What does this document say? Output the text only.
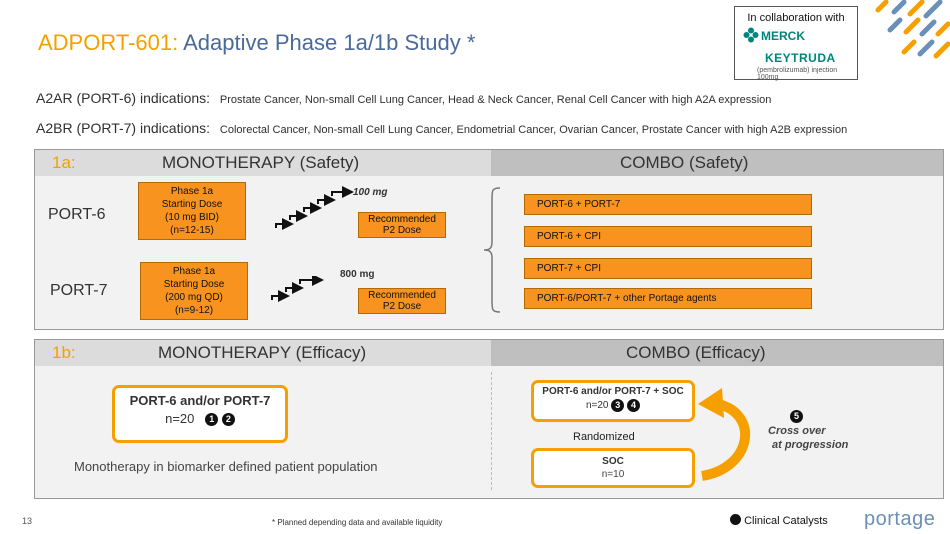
ADPORT-601: Adaptive Phase 1a/1b Study *
In collaboration with
MERCK
KEYTRUDA
(pembrolizumab) injection 100mg
A2AR (PORT-6) indications: Prostate Cancer, Non-small Cell Lung Cancer, Head & Neck Cancer, Renal Cell Cancer with high A2A expression
A2BR (PORT-7) indications: Colorectal Cancer, Non-small Cell Lung Cancer, Endometrial Cancer, Ovarian Cancer, Prostate Cancer with high A2B expression
1a:	MONOTHERAPY (Safety)	COMBO (Safety)
PORT-6
PORT-7
Phase 1a
Starting Dose
(10 mg BID)
(n=12-15)
Phase 1a
Starting Dose
(200 mg QD)
(n=9-12)
100 mg
800 mg
Recommended
P2 Dose
Recommended
P2 Dose
PORT-6 + PORT-7
PORT-6 + CPI
PORT-7 + CPI
PORT-6/PORT-7 + other Portage agents
1b:	MONOTHERAPY (Efficacy)	COMBO (Efficacy)
PORT-6 and/or PORT-7
n=20 1 2
Monotherapy in biomarker defined patient population
PORT-6 and/or PORT-7 + SOC
n=20 3 4
Randomized
SOC
n=10
5
Cross over
at progression
13	* Planned depending data and available liquidity	Clinical Catalysts portage
